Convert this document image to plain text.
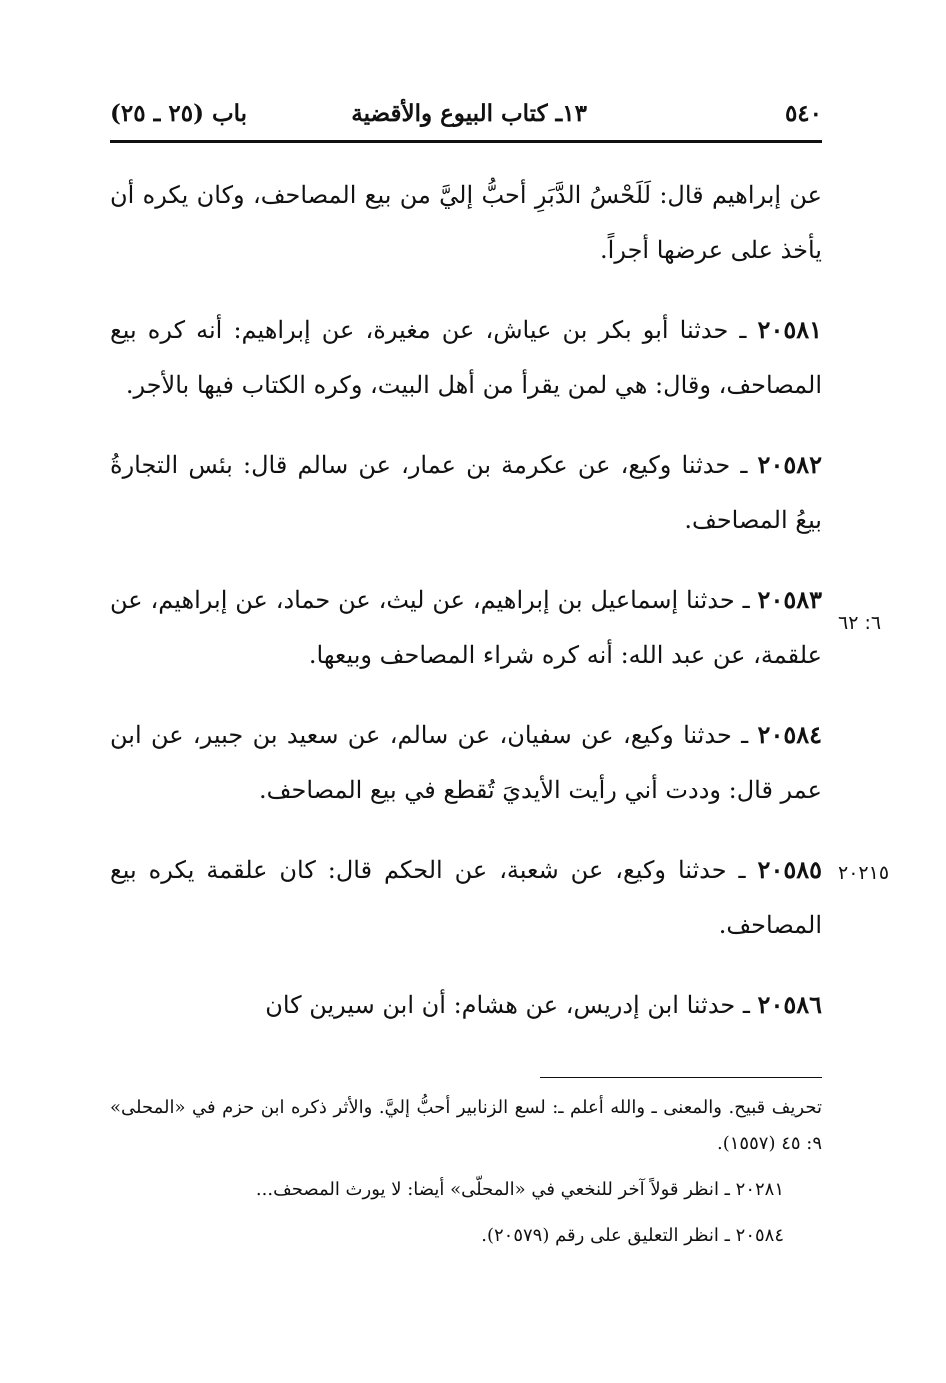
٥٤٠
١٣ـ كتاب البيوع والأقضية
باب (٢٥ ـ ٢٥)

عن إبراهيم قال: لَلَحْسُ الدَّبَرِ أحبُّ إليَّ من بيع المصاحف، وكان يكره أن يأخذ على عرضها أجراً.

٢٠٥٨١ ـ حدثنا أبو بكر بن عياش، عن مغيرة، عن إبراهيم: أنه كره بيع المصاحف، وقال: هي لمن يقرأ من أهل البيت، وكره الكتاب فيها بالأجر.

٢٠٥٨٢ ـ حدثنا وكيع، عن عكرمة بن عمار، عن سالم قال: بئس التجارةُ بيعُ المصاحف.

٢٠٥٨٣ ـ حدثنا إسماعيل بن إبراهيم، عن ليث، عن حماد، عن إبراهيم، عن علقمة، عن عبد الله: أنه كره شراء المصاحف وبيعها.

٢٠٥٨٤ ـ حدثنا وكيع، عن سفيان، عن سالم، عن سعيد بن جبير، عن ابن عمر قال: وددت أني رأيت الأيديَ تُقطع في بيع المصاحف.

٢٠٥٨٥ ـ حدثنا وكيع، عن شعبة، عن الحكم قال: كان علقمة يكره بيع المصاحف.

٢٠٥٨٦ ـ حدثنا ابن إدريس، عن هشام: أن ابن سيرين كان

٦: ٦٢
٢٠٢١٥

تحريف قبيح. والمعنى ـ والله أعلم ـ: لسع الزنابير أحبُّ إليَّ. والأثر ذكره ابن حزم في «المحلى» ٩: ٤٥ (١٥٥٧).

٢٠٢٨١ ـ انظر قولاً آخر للنخعي في «المحلّى» أيضا: لا يورث المصحف...

٢٠٥٨٤ ـ انظر التعليق على رقم (٢٠٥٧٩).
